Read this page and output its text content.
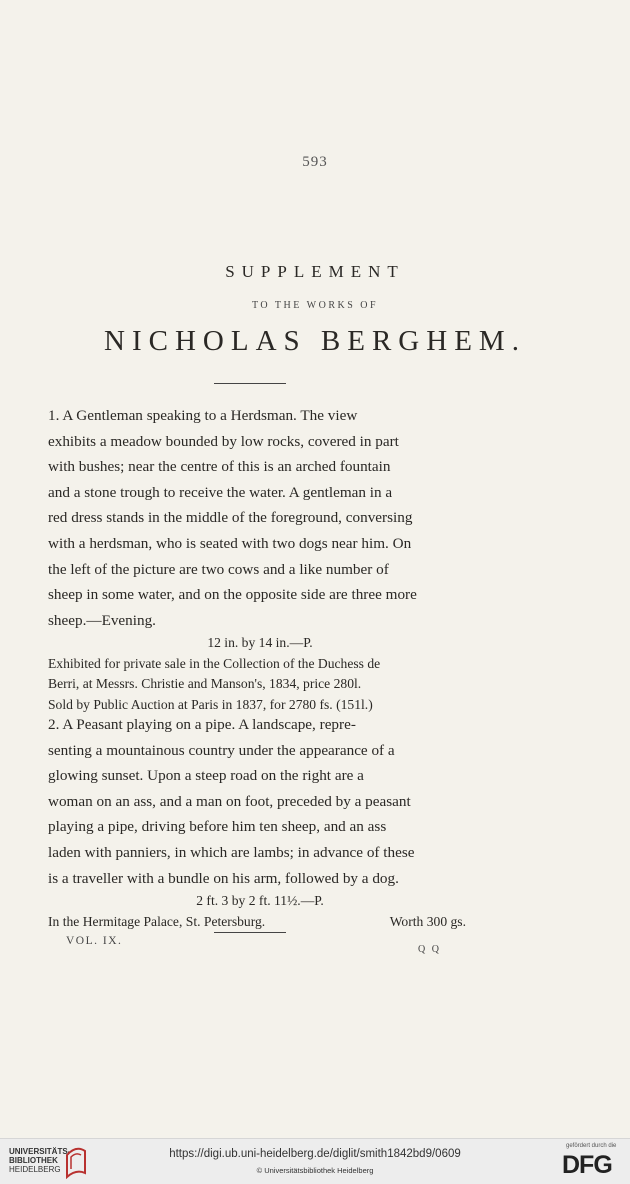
593
SUPPLEMENT
TO THE WORKS OF
NICHOLAS BERGHEM.
1. A Gentleman speaking to a Herdsman. The view
exhibits a meadow bounded by low rocks, covered in part
with bushes; near the centre of this is an arched fountain
and a stone trough to receive the water. A gentleman in a
red dress stands in the middle of the foreground, conversing
with a herdsman, who is seated with two dogs near him. On
the left of the picture are two cows and a like number of
sheep in some water, and on the opposite side are three more
sheep.—Evening.
12 in. by 14 in.—P.
Exhibited for private sale in the Collection of the Duchess de
Berri, at Messrs. Christie and Manson's, 1834, price 280l.
Sold by Public Auction at Paris in 1837, for 2780 fs. (151l.)
2. A Peasant playing on a pipe. A landscape, repre-
senting a mountainous country under the appearance of a
glowing sunset. Upon a steep road on the right are a
woman on an ass, and a man on foot, preceded by a peasant
playing a pipe, driving before him ten sheep, and an ass
laden with panniers, in which are lambs; in advance of these
is a traveller with a bundle on his arm, followed by a dog.
2 ft. 3 by 2 ft. 11½.—P.
In the Hermitage Palace, St. Petersburg.	Worth 300 gs.
VOL. IX.
Q Q
UNIVERSITÄTS-
BIBLIOTHEK
HEIDELBERG
https://digi.ub.uni-heidelberg.de/diglit/smith1842bd9/0609
© Universitätsbibliothek Heidelberg
gefördert durch die
DFG
